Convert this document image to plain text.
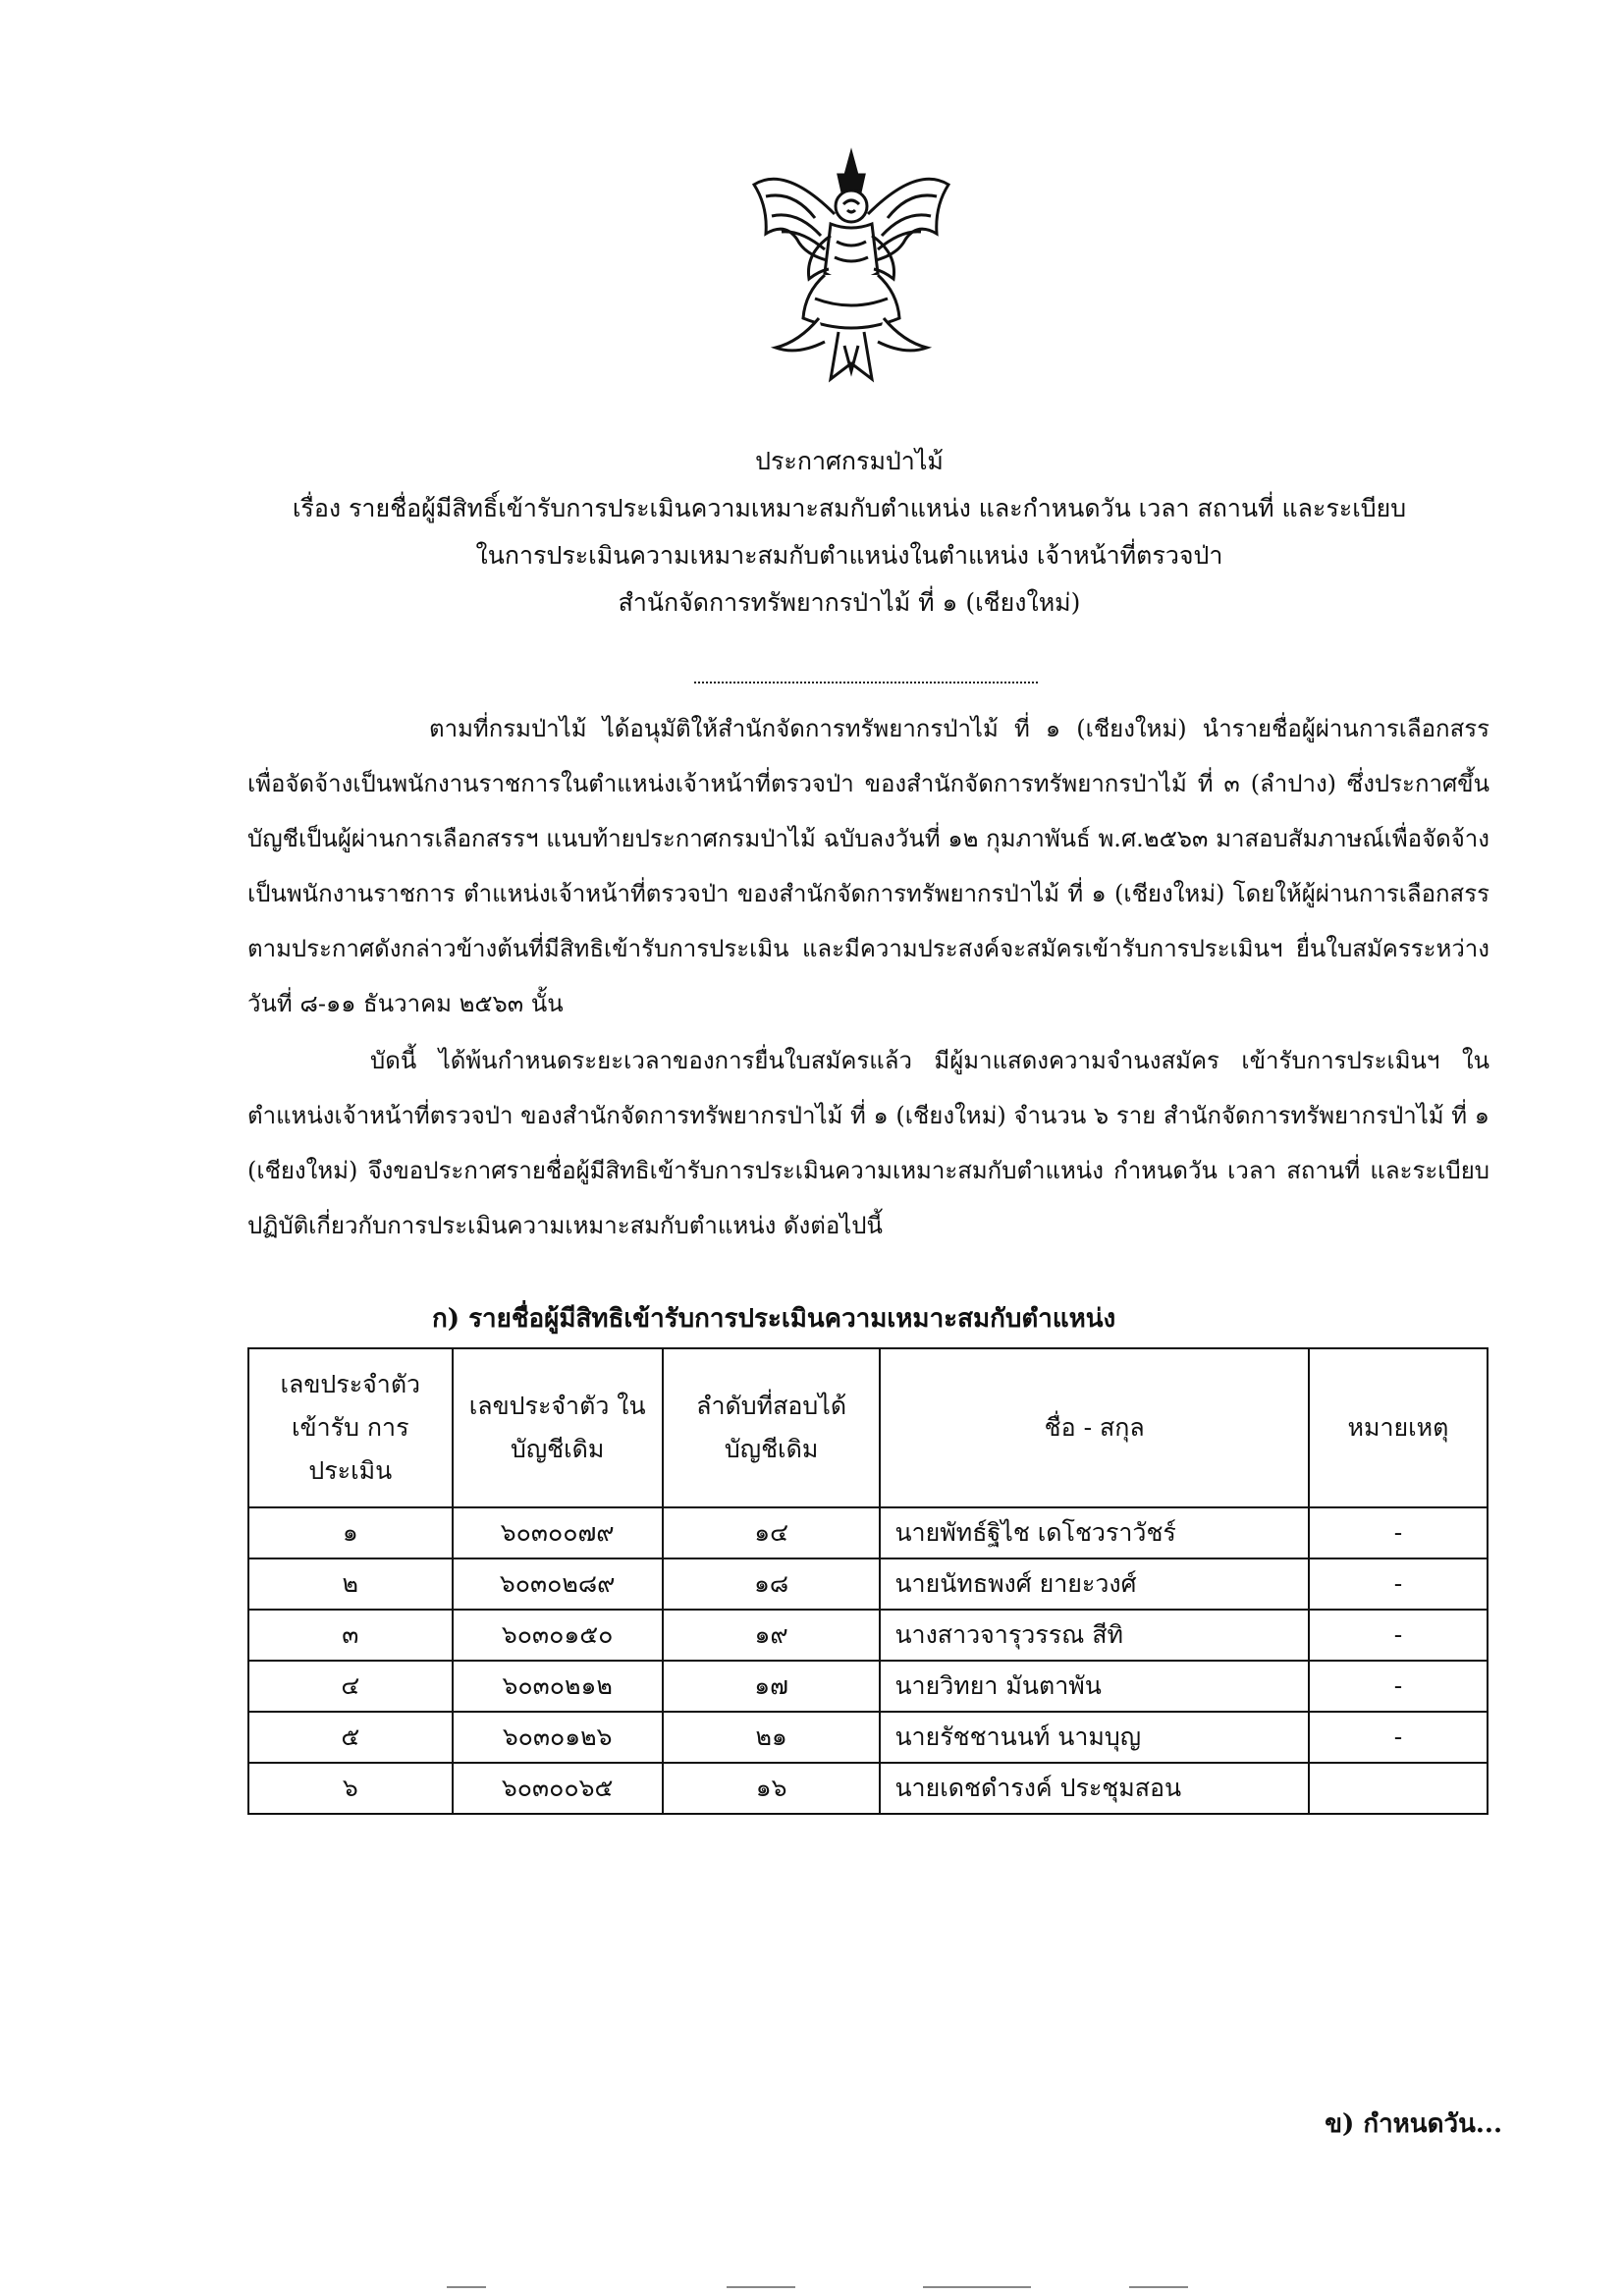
ประกาศกรมป่าไม้
เรื่อง รายชื่อผู้มีสิทธิ์เข้ารับการประเมินความเหมาะสมกับตำแหน่ง และกำหนดวัน เวลา สถานที่ และระเบียบ
ในการประเมินความเหมาะสมกับตำแหน่งในตำแหน่ง เจ้าหน้าที่ตรวจป่า
สำนักจัดการทรัพยากรป่าไม้ ที่ ๑ (เชียงใหม่)
ตามที่กรมป่าไม้ ได้อนุมัติให้สำนักจัดการทรัพยากรป่าไม้ ที่ ๑ (เชียงใหม่) นำรายชื่อผู้ผ่านการเลือกสรร เพื่อจัดจ้างเป็นพนักงานราชการในตำแหน่งเจ้าหน้าที่ตรวจป่า ของสำนักจัดการทรัพยากรป่าไม้ ที่ ๓ (ลำปาง) ซึ่งประกาศขึ้นบัญชีเป็นผู้ผ่านการเลือกสรรฯ แนบท้ายประกาศกรมป่าไม้ ฉบับลงวันที่ ๑๒ กุมภาพันธ์ พ.ศ.๒๕๖๓ มาสอบสัมภาษณ์เพื่อจัดจ้างเป็นพนักงานราชการ ตำแหน่งเจ้าหน้าที่ตรวจป่า ของสำนักจัดการทรัพยากรป่าไม้ ที่ ๑ (เชียงใหม่) โดยให้ผู้ผ่านการเลือกสรรตามประกาศดังกล่าวข้างต้นที่มีสิทธิเข้ารับการประเมิน และมีความประสงค์จะสมัครเข้ารับการประเมินฯ ยื่นใบสมัครระหว่างวันที่ ๘-๑๑ ธันวาคม ๒๕๖๓ นั้น
บัดนี้ ได้พ้นกำหนดระยะเวลาของการยื่นใบสมัครแล้ว มีผู้มาแสดงความจำนงสมัคร เข้ารับการประเมินฯ ในตำแหน่งเจ้าหน้าที่ตรวจป่า ของสำนักจัดการทรัพยากรป่าไม้ ที่ ๑ (เชียงใหม่) จำนวน ๖ ราย สำนักจัดการทรัพยากรป่าไม้ ที่ ๑ (เชียงใหม่) จึงขอประกาศรายชื่อผู้มีสิทธิเข้ารับการประเมินความเหมาะสมกับตำแหน่ง กำหนดวัน เวลา สถานที่ และระเบียบปฏิบัติเกี่ยวกับการประเมินความเหมาะสมกับตำแหน่ง ดังต่อไปนี้
ก) รายชื่อผู้มีสิทธิเข้ารับการประเมินความเหมาะสมกับตำแหน่ง
เลขประจำตัว เข้ารับ การประเมิน	เลขประจำตัว ในบัญชีเดิม	ลำดับที่สอบได้ บัญชีเดิม	ชื่อ - สกุล	หมายเหตุ
๑	๖๐๓๐๐๗๙	๑๔	นายพัทธ์ฐิไช เดโชวราวัชร์	-
๒	๖๐๓๐๒๘๙	๑๘	นายนัทธพงศ์ ยายะวงศ์	-
๓	๖๐๓๐๑๕๐	๑๙	นางสาวจารุวรรณ สีทิ	-
๔	๖๐๓๐๒๑๒	๑๗	นายวิทยา มันตาพัน	-
๕	๖๐๓๐๑๒๖	๒๑	นายรัชชานนท์ นามบุญ	-
๖	๖๐๓๐๐๖๕	๑๖	นายเดชดำรงค์ ประชุมสอน	
ข) กำหนดวัน...
